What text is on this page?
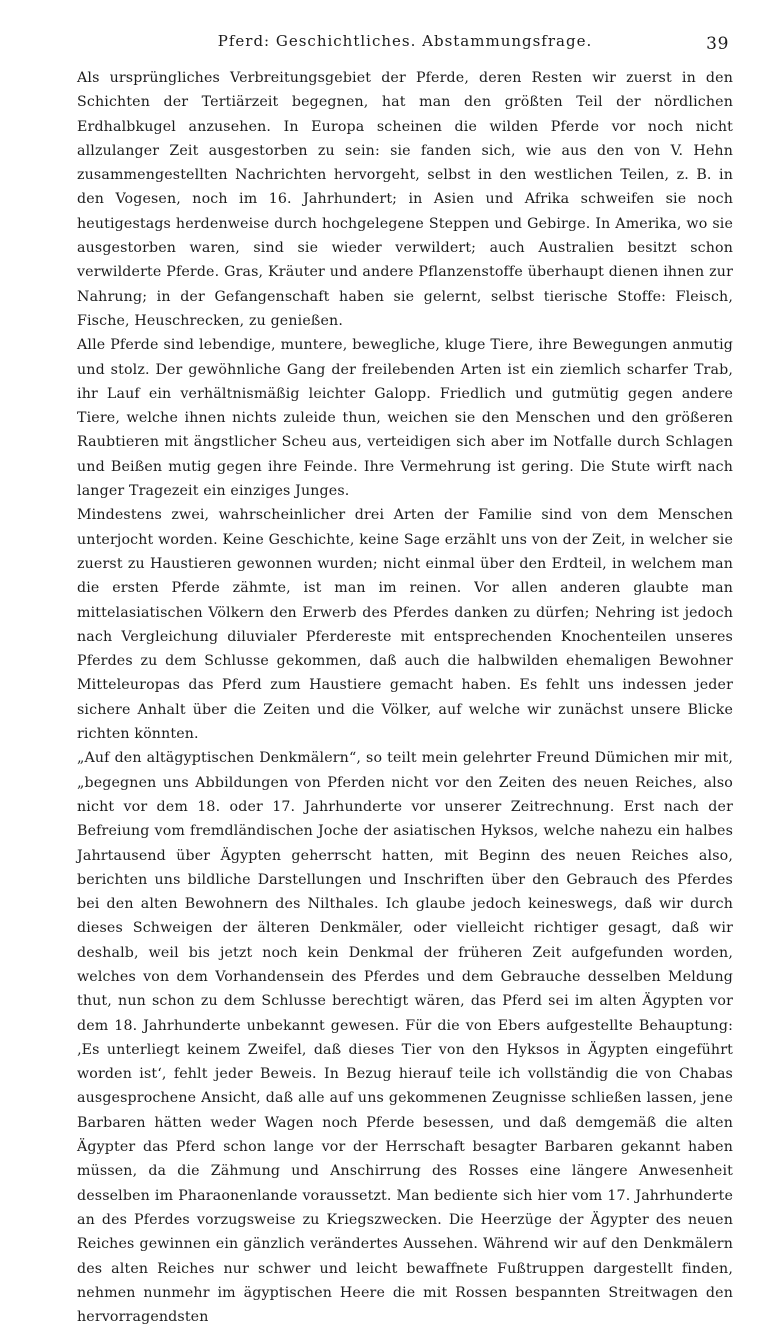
Pferd: Geschichtliches. Abstammungsfrage.	39

Als ursprüngliches Verbreitungsgebiet der Pferde, deren Resten wir zuerst in den Schichten der Tertiärzeit begegnen, hat man den größten Teil der nördlichen Erdhalbkugel anzusehen. In Europa scheinen die wilden Pferde vor noch nicht allzulanger Zeit ausgestorben zu sein: sie fanden sich, wie aus den von V. Hehn zusammengestellten Nachrichten hervorgeht, selbst in den westlichen Teilen, z. B. in den Vogesen, noch im 16. Jahrhundert; in Asien und Afrika schweifen sie noch heutigestags herdenweise durch hochgelegene Steppen und Gebirge. In Amerika, wo sie ausgestorben waren, sind sie wieder verwildert; auch Australien besitzt schon verwilderte Pferde. Gras, Kräuter und andere Pflanzenstoffe überhaupt dienen ihnen zur Nahrung; in der Gefangenschaft haben sie gelernt, selbst tierische Stoffe: Fleisch, Fische, Heuschrecken, zu genießen.

Alle Pferde sind lebendige, muntere, bewegliche, kluge Tiere, ihre Bewegungen anmutig und stolz. Der gewöhnliche Gang der freilebenden Arten ist ein ziemlich scharfer Trab, ihr Lauf ein verhältnismäßig leichter Galopp. Friedlich und gutmütig gegen andere Tiere, welche ihnen nichts zuleide thun, weichen sie den Menschen und den größeren Raubtieren mit ängstlicher Scheu aus, verteidigen sich aber im Notfalle durch Schlagen und Beißen mutig gegen ihre Feinde. Ihre Vermehrung ist gering. Die Stute wirft nach langer Tragezeit ein einziges Junges.

Mindestens zwei, wahrscheinlicher drei Arten der Familie sind von dem Menschen unterjocht worden. Keine Geschichte, keine Sage erzählt uns von der Zeit, in welcher sie zuerst zu Haustieren gewonnen wurden; nicht einmal über den Erdteil, in welchem man die ersten Pferde zähmte, ist man im reinen. Vor allen anderen glaubte man mittelasiatischen Völkern den Erwerb des Pferdes danken zu dürfen; Nehring ist jedoch nach Vergleichung diluvialer Pferdereste mit entsprechenden Knochenteilen unseres Pferdes zu dem Schlusse gekommen, daß auch die halbwilden ehemaligen Bewohner Mitteleuropas das Pferd zum Haustiere gemacht haben. Es fehlt uns indessen jeder sichere Anhalt über die Zeiten und die Völker, auf welche wir zunächst unsere Blicke richten könnten.

„Auf den altägyptischen Denkmälern“, so teilt mein gelehrter Freund Dümichen mir mit, „begegnen uns Abbildungen von Pferden nicht vor den Zeiten des neuen Reiches, also nicht vor dem 18. oder 17. Jahrhunderte vor unserer Zeitrechnung. Erst nach der Befreiung vom fremdländischen Joche der asiatischen Hyksos, welche nahezu ein halbes Jahrtausend über Ägypten geherrscht hatten, mit Beginn des neuen Reiches also, berichten uns bildliche Darstellungen und Inschriften über den Gebrauch des Pferdes bei den alten Bewohnern des Nilthales. Ich glaube jedoch keineswegs, daß wir durch dieses Schweigen der älteren Denkmäler, oder vielleicht richtiger gesagt, daß wir deshalb, weil bis jetzt noch kein Denkmal der früheren Zeit aufgefunden worden, welches von dem Vorhandensein des Pferdes und dem Gebrauche desselben Meldung thut, nun schon zu dem Schlusse berechtigt wären, das Pferd sei im alten Ägypten vor dem 18. Jahrhunderte unbekannt gewesen. Für die von Ebers aufgestellte Behauptung: ‚Es unterliegt keinem Zweifel, daß dieses Tier von den Hyksos in Ägypten eingeführt worden ist‘, fehlt jeder Beweis. In Bezug hierauf teile ich vollständig die von Chabas ausgesprochene Ansicht, daß alle auf uns gekommenen Zeugnisse schließen lassen, jene Barbaren hätten weder Wagen noch Pferde besessen, und daß demgemäß die alten Ägypter das Pferd schon lange vor der Herrschaft besagter Barbaren gekannt haben müssen, da die Zähmung und Anschirrung des Rosses eine längere Anwesenheit desselben im Pharaonenlande voraussetzt. Man bediente sich hier vom 17. Jahrhunderte an des Pferdes vorzugsweise zu Kriegszwecken. Die Heerzüge der Ägypter des neuen Reiches gewinnen ein gänzlich verändertes Aussehen. Während wir auf den Denkmälern des alten Reiches nur schwer und leicht bewaffnete Fußtruppen dargestellt finden, nehmen nunmehr im ägyptischen Heere die mit Rossen bespannten Streitwagen den hervorragendsten
